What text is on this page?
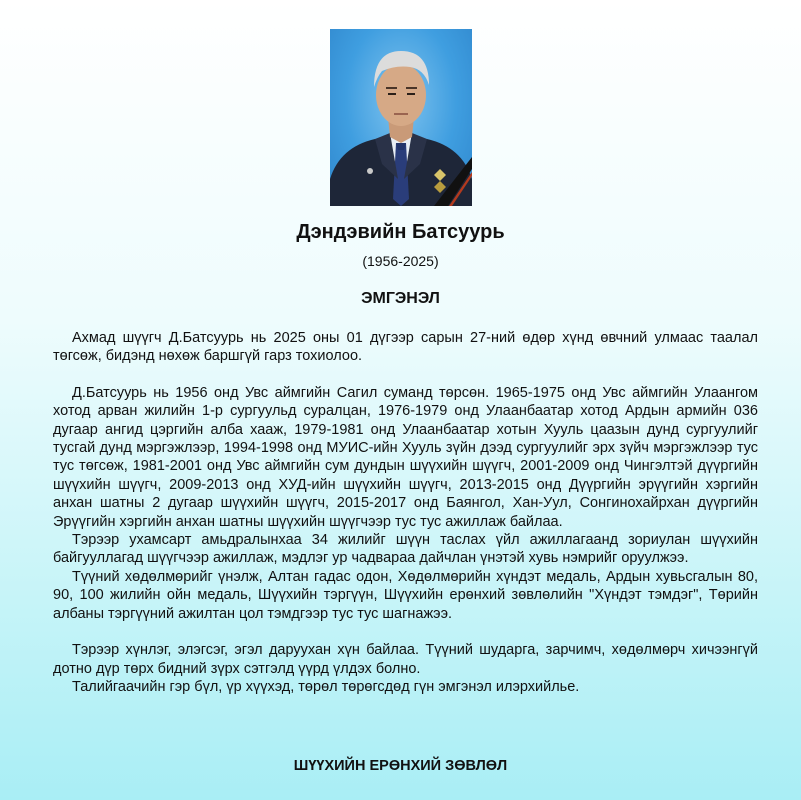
Дэндэвийн Батсуурь
(1956-2025)
ЭМГЭНЭЛ

Ахмад шүүгч Д.Батсуурь нь 2025 оны 01 дүгээр сарын 27-ний өдөр хүнд өвчний улмаас таалал төгсөж, бидэнд нөхөж баршгүй гарз тохиолоо.

Д.Батсуурь нь 1956 онд Увс аймгийн Сагил суманд төрсөн. 1965-1975 онд Увс аймгийн Улаангом хотод арван жилийн 1-р сургуульд суралцан, 1976-1979 онд Улаанбаатар хотод Ардын армийн 036 дугаар ангид цэргийн алба хааж, 1979-1981 онд Улаанбаатар хотын Хууль цаазын дунд сургуулийг тусгай дунд мэргэжлээр, 1994-1998 онд МУИС-ийн Хууль зүйн дээд сургуулийг эрх зүйч мэргэжлээр тус тус төгсөж, 1981-2001 онд Увс аймгийн сум дундын шүүхийн шүүгч, 2001-2009 онд Чингэлтэй дүүргийн шүүхийн шүүгч, 2009-2013 онд ХУД-ийн шүүхийн шүүгч, 2013-2015 онд Дүүргийн эрүүгийн хэргийн анхан шатны 2 дугаар шүүхийн шүүгч, 2015-2017 онд Баянгол, Хан-Уул, Сонгинохайрхан дүүргийн Эрүүгийн хэргийн анхан шатны шүүхийн шүүгчээр тус тус ажиллаж байлаа.

Тэрээр ухамсарт амьдралынхаа 34 жилийг шүүн таслах үйл ажиллагаанд зориулан шүүхийн байгууллагад шүүгчээр ажиллаж, мэдлэг ур чадвараа дайчлан үнэтэй хувь нэмрийг оруулжээ.

Түүний хөдөлмөрийг үнэлж, Алтан гадас одон, Хөдөлмөрийн хүндэт медаль, Ардын хувьсгалын 80, 90, 100 жилийн ойн медаль, Шүүхийн тэргүүн, Шүүхийн ерөнхий зөвлөлийн "Хүндэт тэмдэг", Төрийн албаны тэргүүний ажилтан цол тэмдгээр тус тус шагнажээ.

Тэрээр хүнлэг, элэгсэг, эгэл даруухан хүн байлаа. Түүний шударга, зарчимч, хөдөлмөрч хичээнгүй дотно дүр төрх бидний зүрх сэтгэлд үүрд үлдэх болно.

Талийгаачийн гэр бүл, үр хүүхэд, төрөл төрөгсдөд гүн эмгэнэл илэрхийлье.

ШҮҮХИЙН ЕРӨНХИЙ ЗӨВЛӨЛ
